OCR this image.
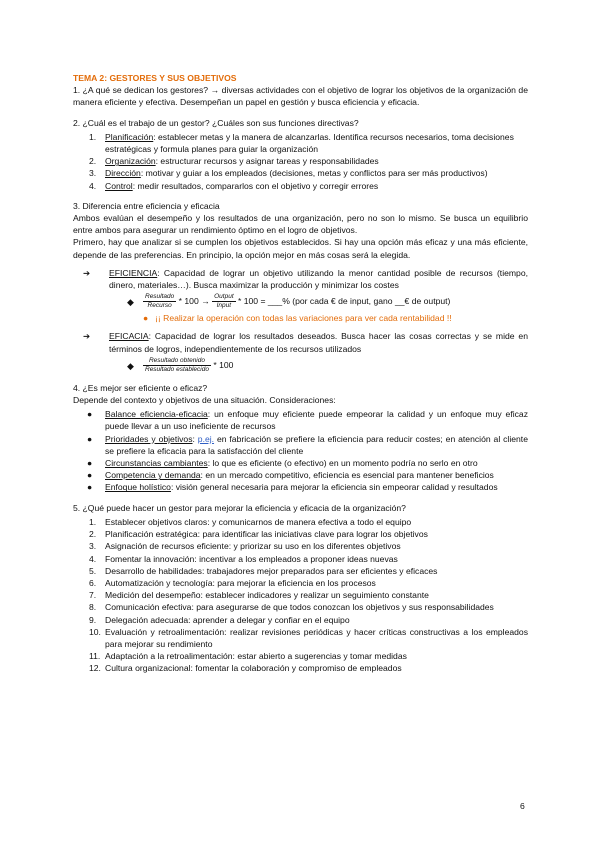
TEMA 2: GESTORES Y SUS OBJETIVOS

1. ¿A qué se dedican los gestores? → diversas actividades con el objetivo de lograr los objetivos de la organización de manera eficiente y efectiva. Desempeñan un papel en gestión y busca eficiencia y eficacia.

2. ¿Cuál es el trabajo de un gestor? ¿Cuáles son sus funciones directivas?
1. Planificación: establecer metas y la manera de alcanzarlas. Identifica recursos necesarios, toma decisiones estratégicas y formula planes para guiar la organización
2. Organización: estructurar recursos y asignar tareas y responsabilidades
3. Dirección: motivar y guiar a los empleados (decisiones, metas y conflictos para ser más productivos)
4. Control: medir resultados, compararlos con el objetivo y corregir errores
3. Diferencia entre eficiencia y eficacia

Ambos evalúan el desempeño y los resultados de una organización, pero no son lo mismo. Se busca un equilibrio entre ambos para asegurar un rendimiento óptimo en el logro de objetivos.

Primero, hay que analizar si se cumplen los objetivos establecidos. Si hay una opción más eficaz y una más eficiente, depende de las preferencias. En principio, la opción mejor en más cosas será la elegida.

➔ EFICIENCIA: Capacidad de lograr un objetivo utilizando la menor cantidad posible de recursos (tiempo, dinero, materiales…). Busca maximizar la producción y minimizar los costes
◆ $\frac{\text{Resultado}}{\text{Recurso}} * 100 \to \frac{\text{Output}}{\text{Input}} * 100$ = ___% (por cada € de input, gano __€ de output)
● ¡¡ Realizar la operación con todas las variaciones para ver cada rentabilidad !!
➔ EFICACIA: Capacidad de lograr los resultados deseados. Busca hacer las cosas correctas y se mide en términos de logros, independientemente de los recursos utilizados
◆ $\frac{\text{Resultado obtenido}}{\text{Resultado establecido}} * 100$
4. ¿Es mejor ser eficiente o eficaz?
Depende del contexto y objetivos de una situación. Consideraciones:
● Balance eficiencia-eficacia: un enfoque muy eficiente puede empeorar la calidad y un enfoque muy eficaz puede llevar a un uso ineficiente de recursos
● Prioridades y objetivos: p.ej. en fabricación se prefiere la eficiencia para reducir costes; en atención al cliente se prefiere la eficacia para la satisfacción del cliente
● Circunstancias cambiantes: lo que es eficiente (o efectivo) en un momento podría no serlo en otro
● Competencia y demanda: en un mercado competitivo, eficiencia es esencial para mantener beneficios
● Enfoque holístico: visión general necesaria para mejorar la eficiencia sin empeorar calidad y resultados
5. ¿Qué puede hacer un gestor para mejorar la eficiencia y eficacia de la organización?
1. Establecer objetivos claros: y comunicarnos de manera efectiva a todo el equipo
2. Planificación estratégica: para identificar las iniciativas clave para lograr los objetivos
3. Asignación de recursos eficiente: y priorizar su uso en los diferentes objetivos
4. Fomentar la innovación: incentivar a los empleados a proponer ideas nuevas
5. Desarrollo de habilidades: trabajadores mejor preparados para ser eficientes y eficaces
6. Automatización y tecnología: para mejorar la eficiencia en los procesos
7. Medición del desempeño: establecer indicadores y realizar un seguimiento constante
8. Comunicación efectiva: para asegurarse de que todos conozcan los objetivos y sus responsabilidades
9. Delegación adecuada: aprender a delegar y confiar en el equipo
10. Evaluación y retroalimentación: realizar revisiones periódicas y hacer críticas constructivas a los empleados para mejorar su rendimiento
11. Adaptación a la retroalimentación: estar abierto a sugerencias y tomar medidas
12. Cultura organizacional: fomentar la colaboración y compromiso de empleados
6
